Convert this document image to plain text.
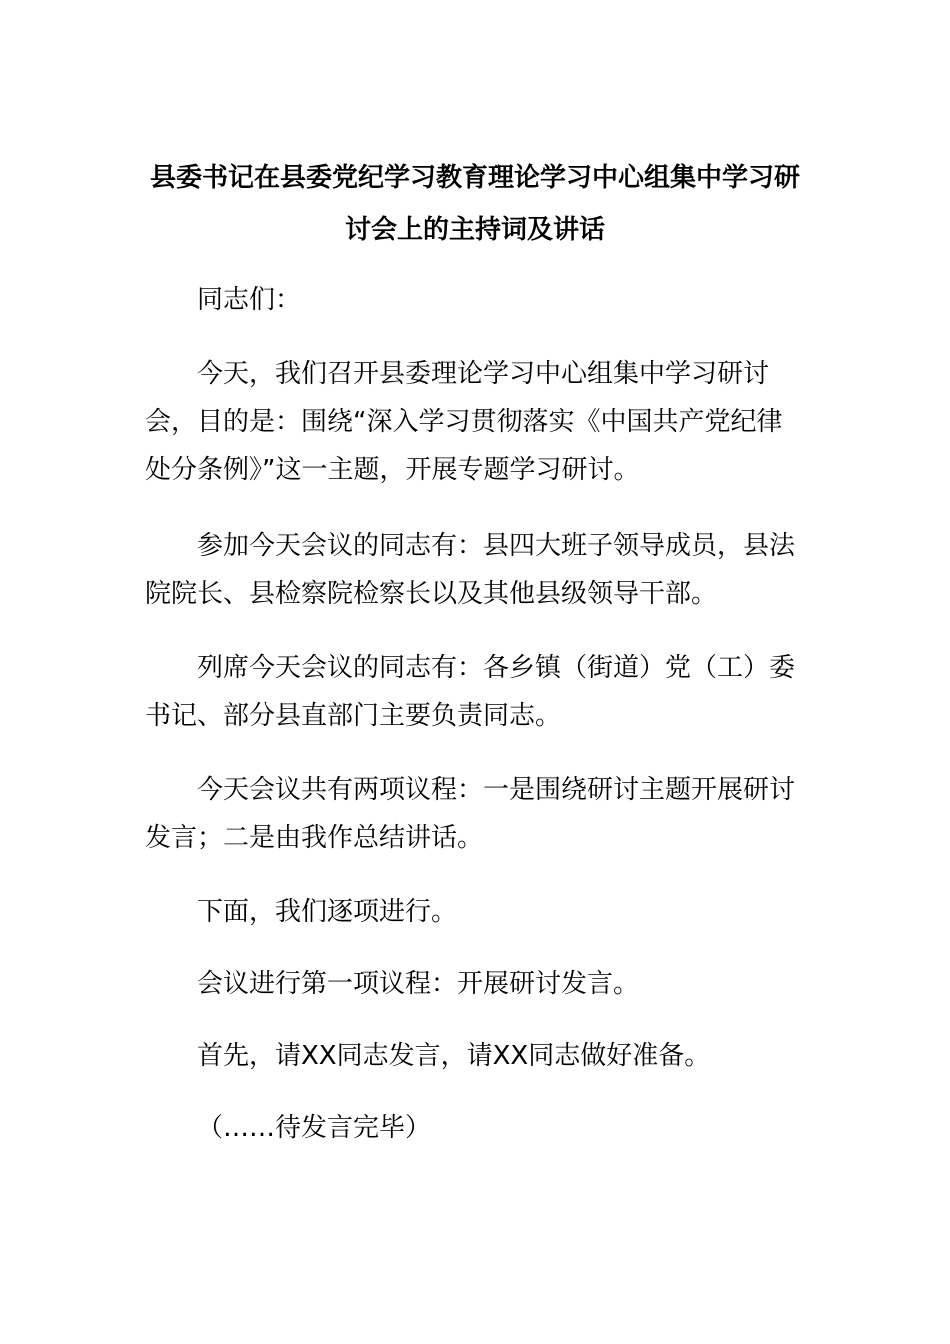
县委书记在县委党纪学习教育理论学习中心组集中学习研讨会上的主持词及讲话

同志们：

今天，我们召开县委理论学习中心组集中学习研讨会，目的是：围绕“深入学习贯彻落实《中国共产党纪律处分条例》”这一主题，开展专题学习研讨。

参加今天会议的同志有：县四大班子领导成员，县法院院长、县检察院检察长以及其他县级领导干部。

列席今天会议的同志有：各乡镇（街道）党（工）委书记、部分县直部门主要负责同志。

今天会议共有两项议程：一是围绕研讨主题开展研讨发言；二是由我作总结讲话。

下面，我们逐项进行。

会议进行第一项议程：开展研讨发言。

首先，请XX同志发言，请XX同志做好准备。

（……待发言完毕）
